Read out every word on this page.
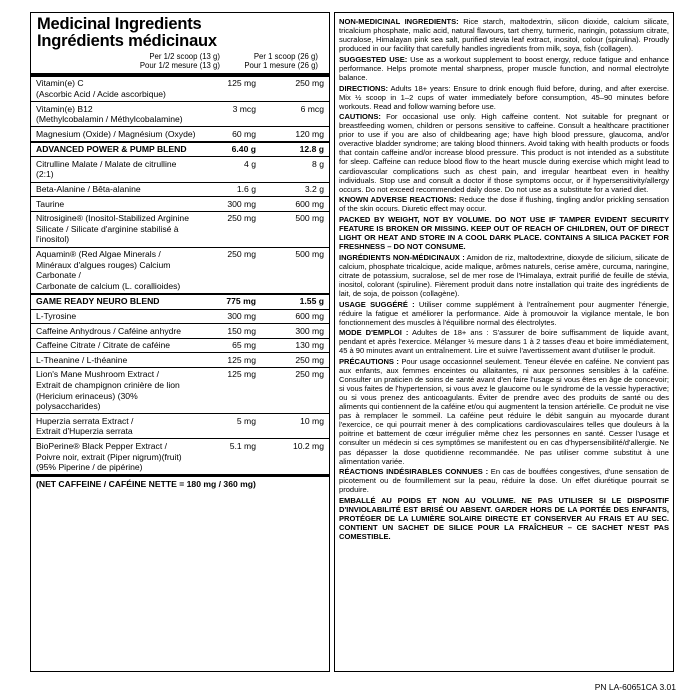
Medicinal Ingredients
Ingrédients médicinaux
Per 1/2 scoop (13 g)
Pour 1/2 mesure (13 g)
Per 1 scoop (26 g)
Pour 1 mesure (26 g)
Vitamin(e) C
(Ascorbic Acid / Acide ascorbique)
125 mg	250 mg
Vitamin(e) B12
(Methylcobalamin / Méthylcobalamine)
3 mcg	6 mcg
Magnesium (Oxide) / Magnésium (Oxyde)	60 mg	120 mg
ADVANCED POWER & PUMP BLEND	6.40 g	12.8 g
Citrulline Malate / Malate de citrulline (2:1)
4 g	8 g
Beta-Alanine / Bêta-alanine	1.6 g	3.2 g
Taurine	300 mg	600 mg
Nitrosigine® (Inositol-Stabilized Arginine
Silicate / Silicate d'arginine stabilisé à l'inositol)
250 mg	500 mg
Aquamin® (Red Algae Minerals /
Minéraux d'algues rouges) Calcium Carbonate /
Carbonate de calcium (L. corallioides)
250 mg	500 mg
GAME READY NEURO BLEND	775 mg	1.55 g
L-Tyrosine	300 mg	600 mg
Caffeine Anhydrous / Caféine anhydre	150 mg	300 mg
Caffeine Citrate / Citrate de caféine	65 mg	130 mg
L-Theanine / L-théanine	125 mg	250 mg
Lion's Mane Mushroom Extract /
Extrait de champignon crinière de lion
(Hericium erinaceus) (30% polysaccharides)
125 mg	250 mg
Huperzia serrata Extract /
Extrait d'Huperzia serrata
5 mg	10 mg
BioPerine® Black Pepper Extract /
Poivre noir, extrait (Piper nigrum)(fruit) (95% Piperine / de pipérine)
5.1 mg	10.2 mg
(NET CAFFEINE / CAFÉINE NETTE = 180 mg / 360 mg)

NON-MEDICINAL INGREDIENTS: Rice starch, maltodextrin, silicon dioxide, calcium silicate, tricalcium phosphate, malic acid, natural flavours, tart cherry, turmeric, naringin, potassium citrate, sucralose, Himalayan pink sea salt, purified stevia leaf extract, inositol, colour (spirulina). Proudly produced in our facility that carefully handles ingredients from milk, soya, fish (collagen).

SUGGESTED USE: Use as a workout supplement to boost energy, reduce fatigue and enhance performance. Helps promote mental sharpness, proper muscle function, and normal electrolyte balance.

DIRECTIONS: Adults 18+ years: Ensure to drink enough fluid before, during, and after exercise. Mix ½ scoop in 1–2 cups of water immediately before consumption, 45–90 minutes before workouts. Read and follow warning before use.

CAUTIONS: For occasional use only. High caffeine content. Not suitable for pregnant or breastfeeding women, children or persons sensitive to caffeine. Consult a healthcare practitioner prior to use if you are also of childbearing age; have high blood pressure, glaucoma, and/or overactive bladder syndrome; are taking blood thinners. Avoid taking with health products or foods that contain caffeine and/or increase blood pressure. This product is not intended as a substitute for sleep. Caffeine can reduce blood flow to the heart muscle during exercise which might lead to cardiovascular complications such as chest pain, and irregular heartbeat even in healthy individuals. Stop use and consult a doctor if those symptoms occur, or if hypersensitivity/allergy occurs. Do not exceed recommended daily dose. Do not use as a substitute for a varied diet.

KNOWN ADVERSE REACTIONS: Reduce the dose if flushing, tingling and/or prickling sensation of the skin occurs. Diuretic effect may occur.

PACKED BY WEIGHT, NOT BY VOLUME. DO NOT USE IF TAMPER EVIDENT SECURITY FEATURE IS BROKEN OR MISSING. KEEP OUT OF REACH OF CHILDREN, OUT OF DIRECT LIGHT OR HEAT AND STORE IN A COOL DARK PLACE. CONTAINS A SILICA PACKET FOR FRESHNESS – DO NOT CONSUME.

INGRÉDIENTS NON-MÉDICINAUX : Amidon de riz, maltodextrine, dioxyde de silicium, silicate de calcium, phosphate tricalcique, acide malique, arômes naturels, cerise amère, curcuma, naringine, citrate de potassium, sucralose, sel de mer rose de l'Himalaya, extrait purifié de feuille de stévia, inositol, colorant (spiruline). Fièrement produit dans notre installation qui traite des ingrédients de lait, de soja, de poisson (collagène).

USAGE SUGGÉRÉ : Utiliser comme supplément à l'entraînement pour augmenter l'énergie, réduire la fatigue et améliorer la performance. Aide à promouvoir la vigilance mentale, le bon fonctionnement des muscles à l'équilibre normal des électrolytes.

MODE D'EMPLOI : Adultes de 18+ ans : S'assurer de boire suffisamment de liquide avant, pendant et après l'exercice. Mélanger ½ mesure dans 1 à 2 tasses d'eau et boire immédiatement, 45 à 90 minutes avant un entraînement. Lire et suivre l'avertissement avant d'utiliser le produit.

PRÉCAUTIONS : Pour usage occasionnel seulement. Teneur élevée en caféine. Ne convient pas aux enfants, aux femmes enceintes ou allaitantes, ni aux personnes sensibles à la caféine. Consulter un praticien de soins de santé avant d'en faire l'usage si vous êtes en âge de concevoir; si vous faites de l'hypertension, si vous avez le glaucome ou le syndrome de la vessie hyperactive; ou si vous prenez des anticoagulants. Éviter de prendre avec des produits de santé ou des aliments qui contiennent de la caféine et/ou qui augmentent la tension artérielle. Ce produit ne vise pas à remplacer le sommeil. La caféine peut réduire le débit sanguin au myocarde durant l'exercice, ce qui pourrait mener à des complications cardiovasculaires telles que douleurs à la poitrine et battement de cœur irrégulier même chez les personnes en santé. Cesser l'usage et consulter un médecin si ces symptômes se manifestent ou en cas d'hypersensibilité/d'allergie. Ne pas dépasser la dose quotidienne recommandée. Ne pas utiliser comme substitut à une alimentation variée.

RÉACTIONS INDÉSIRABLES CONNUES : En cas de bouffées congestives, d'une sensation de picotement ou de fourmillement sur la peau, réduire la dose. Un effet diurétique pourrait se produire.

EMBALLÉ AU POIDS ET NON AU VOLUME. NE PAS UTILISER SI LE DISPOSITIF D'INVIOLABILITÉ EST BRISÉ OU ABSENT. GARDER HORS DE LA PORTÉE DES ENFANTS, PROTÉGER DE LA LUMIÈRE SOLAIRE DIRECTE ET CONSERVER AU FRAIS ET AU SEC. CONTIENT UN SACHET DE SILICE POUR LA FRAÎCHEUR – CE SACHET N'EST PAS COMESTIBLE.

PN LA-60651CA 3.01
